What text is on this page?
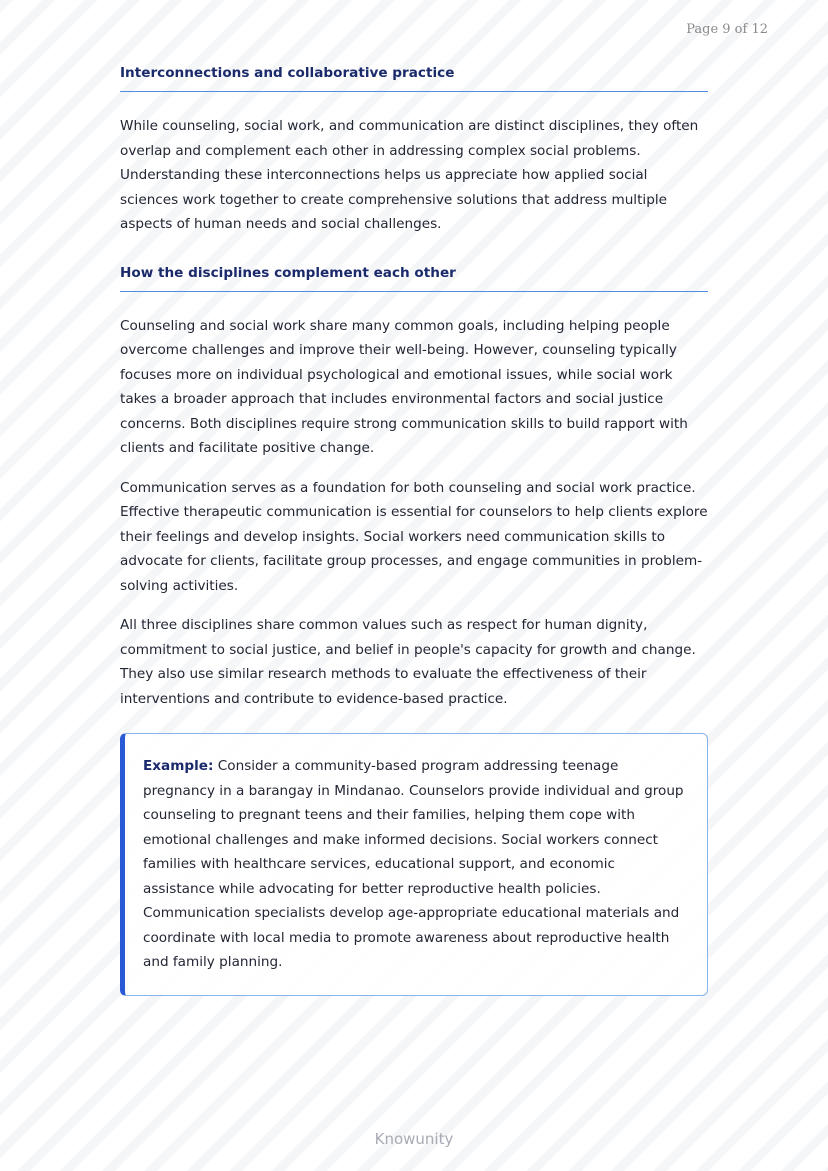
Page 9 of 12
Interconnections and collaborative practice

While counseling, social work, and communication are distinct disciplines, they often overlap and complement each other in addressing complex social problems. Understanding these interconnections helps us appreciate how applied social sciences work together to create comprehensive solutions that address multiple aspects of human needs and social challenges.

How the disciplines complement each other

Counseling and social work share many common goals, including helping people overcome challenges and improve their well-being. However, counseling typically focuses more on individual psychological and emotional issues, while social work takes a broader approach that includes environmental factors and social justice concerns. Both disciplines require strong communication skills to build rapport with clients and facilitate positive change.

Communication serves as a foundation for both counseling and social work practice. Effective therapeutic communication is essential for counselors to help clients explore their feelings and develop insights. Social workers need communication skills to advocate for clients, facilitate group processes, and engage communities in problem-solving activities.

All three disciplines share common values such as respect for human dignity, commitment to social justice, and belief in people's capacity for growth and change. They also use similar research methods to evaluate the effectiveness of their interventions and contribute to evidence-based practice.

Example: Consider a community-based program addressing teenage pregnancy in a barangay in Mindanao. Counselors provide individual and group counseling to pregnant teens and their families, helping them cope with emotional challenges and make informed decisions. Social workers connect families with healthcare services, educational support, and economic assistance while advocating for better reproductive health policies. Communication specialists develop age-appropriate educational materials and coordinate with local media to promote awareness about reproductive health and family planning.

Knowunity
